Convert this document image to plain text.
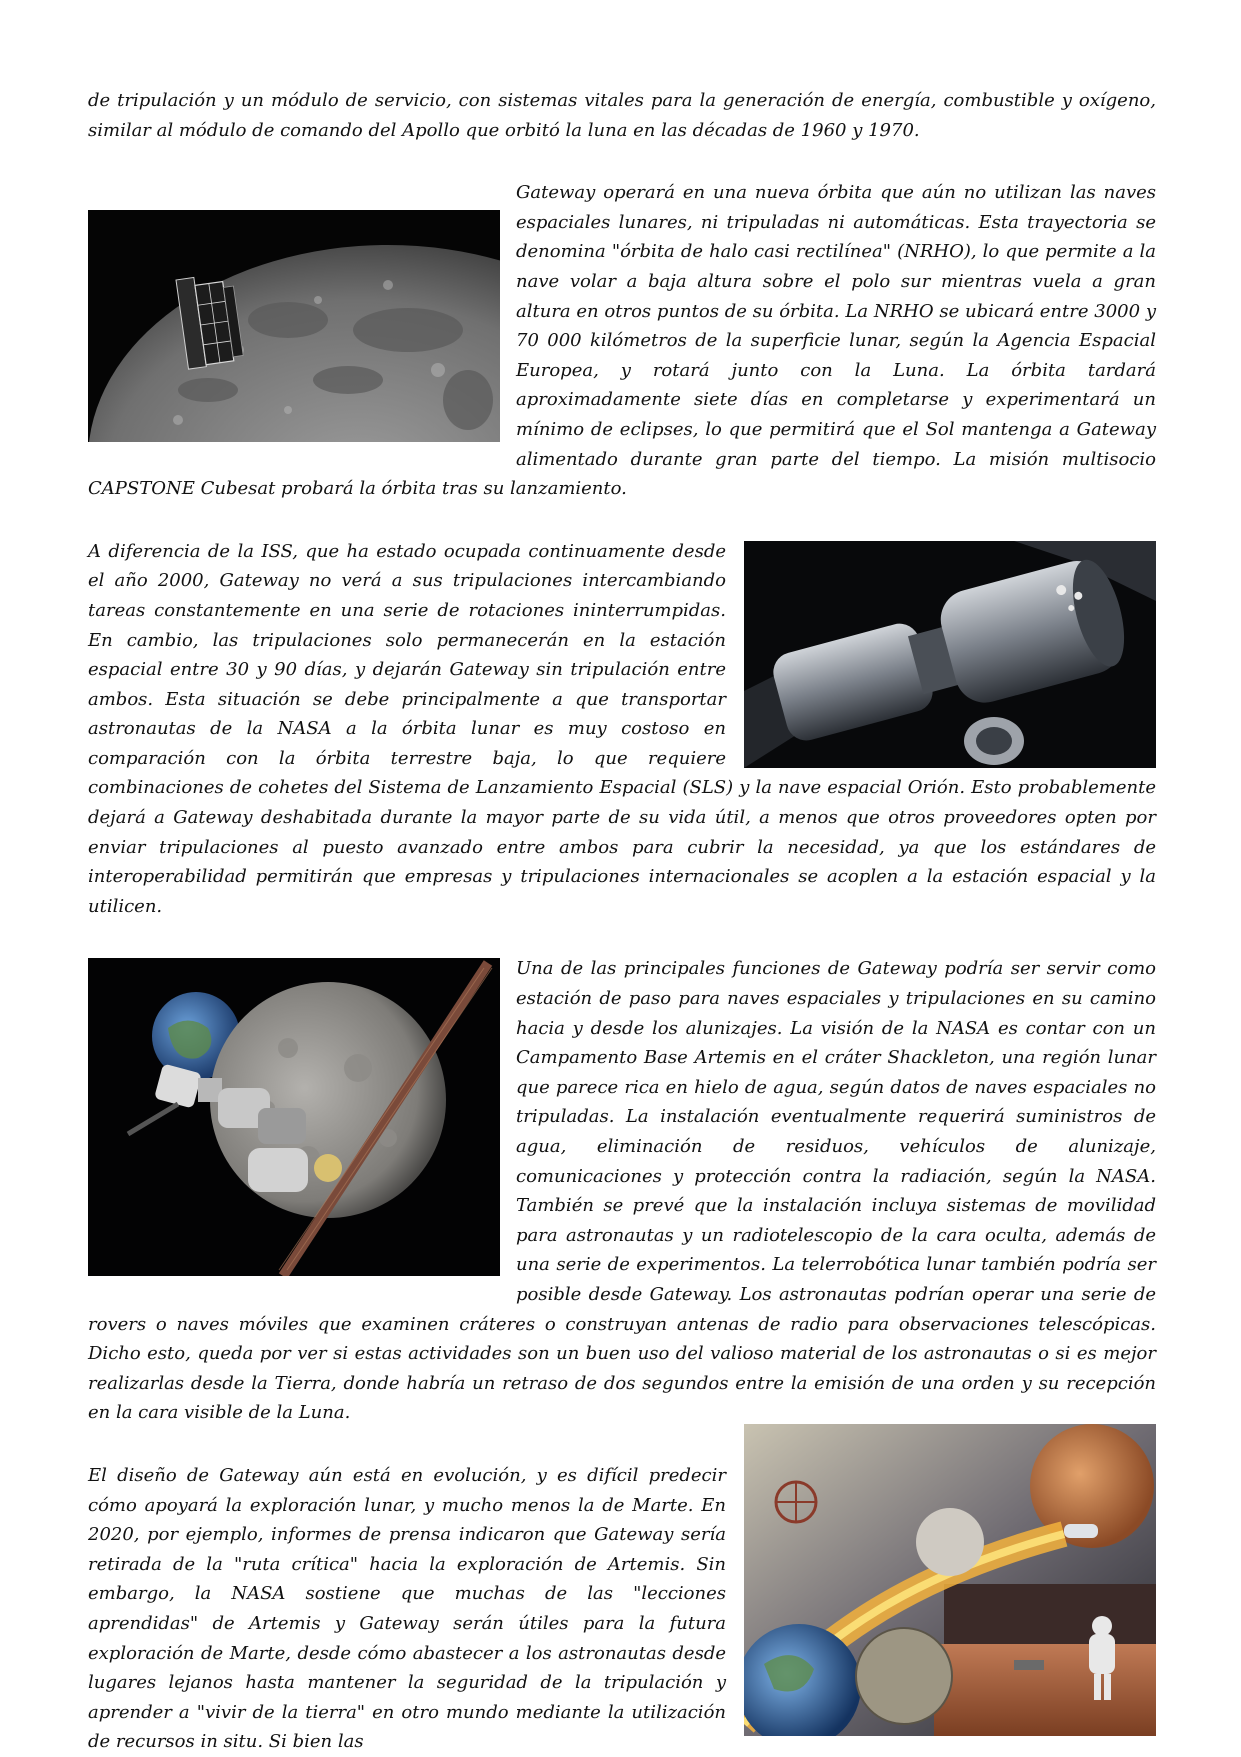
de tripulación y un módulo de servicio, con sistemas vitales para la generación de energía, combustible y oxígeno, similar al módulo de comando del Apollo que orbitó la luna en las décadas de 1960 y 1970.

Gateway operará en una nueva órbita que aún no utilizan las naves espaciales lunares, ni tripuladas ni automáticas. Esta trayectoria se denomina "órbita de halo casi rectilínea" (NRHO), lo que permite a la nave volar a baja altura sobre el polo sur mientras vuela a gran altura en otros puntos de su órbita. La NRHO se ubicará entre 3000 y 70 000 kilómetros de la superficie lunar, según la Agencia Espacial Europea, y rotará junto con la Luna. La órbita tardará aproximadamente siete días en completarse y experimentará un mínimo de eclipses, lo que permitirá que el Sol mantenga a Gateway alimentado durante gran parte del tiempo. La misión multisocio CAPSTONE Cubesat probará la órbita tras su lanzamiento.

A diferencia de la ISS, que ha estado ocupada continuamente desde el año 2000, Gateway no verá a sus tripulaciones intercambiando tareas constantemente en una serie de rotaciones ininterrumpidas. En cambio, las tripulaciones solo permanecerán en la estación espacial entre 30 y 90 días, y dejarán Gateway sin tripulación entre ambos. Esta situación se debe principalmente a que transportar astronautas de la NASA a la órbita lunar es muy costoso en comparación con la órbita terrestre baja, lo que requiere combinaciones de cohetes del Sistema de Lanzamiento Espacial (SLS) y la nave espacial Orión. Esto probablemente dejará a Gateway deshabitada durante la mayor parte de su vida útil, a menos que otros proveedores opten por enviar tripulaciones al puesto avanzado entre ambos para cubrir la necesidad, ya que los estándares de interoperabilidad permitirán que empresas y tripulaciones internacionales se acoplen a la estación espacial y la utilicen.

Una de las principales funciones de Gateway podría ser servir como estación de paso para naves espaciales y tripulaciones en su camino hacia y desde los alunizajes. La visión de la NASA es contar con un Campamento Base Artemis en el cráter Shackleton, una región lunar que parece rica en hielo de agua, según datos de naves espaciales no tripuladas. La instalación eventualmente requerirá suministros de agua, eliminación de residuos, vehículos de alunizaje, comunicaciones y protección contra la radiación, según la NASA. También se prevé que la instalación incluya sistemas de movilidad para astronautas y un radiotelescopio de la cara oculta, además de una serie de experimentos. La telerrobótica lunar también podría ser posible desde Gateway. Los astronautas podrían operar una serie de rovers o naves móviles que examinen cráteres o construyan antenas de radio para observaciones telescópicas. Dicho esto, queda por ver si estas actividades son un buen uso del valioso material de los astronautas o si es mejor realizarlas desde la Tierra, donde habría un retraso de dos segundos entre la emisión de una orden y su recepción en la cara visible de la Luna.

El diseño de Gateway aún está en evolución, y es difícil predecir cómo apoyará la exploración lunar, y mucho menos la de Marte. En 2020, por ejemplo, informes de prensa indicaron que Gateway sería retirada de la "ruta crítica" hacia la exploración de Artemis. Sin embargo, la NASA sostiene que muchas de las "lecciones aprendidas" de Artemis y Gateway serán útiles para la futura exploración de Marte, desde cómo abastecer a los astronautas desde lugares lejanos hasta mantener la seguridad de la tripulación y aprender a "vivir de la tierra" en otro mundo mediante la utilización de recursos in situ. Si bien las
